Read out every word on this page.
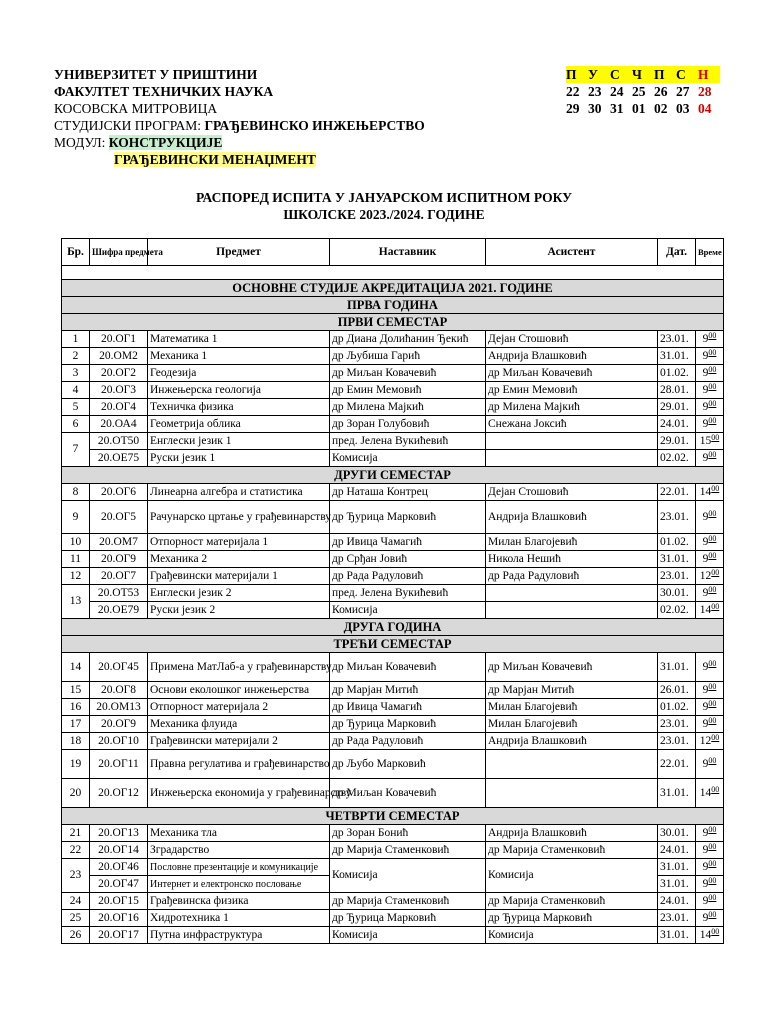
УНИВЕРЗИТЕТ У ПРИШТИНИ
ФАКУЛТЕТ ТЕХНИЧКИХ НАУКА
КОСОВСКА МИТРОВИЦА
СТУДИЈСКИ ПРОГРАМ: ГРАЂЕВИНСКО ИНЖЕЊЕРСТВО
МОДУЛ: КОНСТРУКЦИЈЕ
ГРАЂЕВИНСКИ МЕНАЏМЕНТ
П	У	С	Ч	П	С	Н
22	23	24	25	26	27	28
29	30	31	01	02	03	04
РАСПОРЕД ИСПИТА У ЈАНУАРСКОМ ИСПИТНОМ РОКУ
ШКОЛСКЕ 2023./2024. ГОДИНЕ
Бр.	Шифра предмета	Предмет	Наставник	Асистент	Дат.	Време

ОСНОВНЕ СТУДИЈЕ АКРЕДИТАЦИЈА 2021. ГОДИНЕ						
ПРВА ГОДИНА						
ПРВИ СЕМЕСТАР						
1	20.ОГ1	Математика 1	др Диана Долићанин Ђекић	Дејан Стошовић	23.01.	$9^{00}$
2	20.ОМ2	Механика 1	др Љубиша Гарић	Андрија Влашковић	31.01.	$9^{00}$
3	20.ОГ2	Геодезија	др Миљан Ковачевић	др Миљан Ковачевић	01.02.	$9^{00}$
4	20.ОГ3	Инжењерска геологија	др Емин Мемовић	др Емин Мемовић	28.01.	$9^{00}$
5	20.ОГ4	Техничка физика	др Милена Мајкић	др Милена Мајкић	29.01.	$9^{00}$
6	20.ОА4	Геометрија облика	др Зоран Голубовић	Снежана Јоксић	24.01.	$9^{00}$
7	20.ОТ50	Енглески језик 1	пред. Јелена Вукићевић		29.01.	$15^{00}$
	20.ОЕ75	Руски језик 1	Комисија		02.02.	$9^{00}$
ДРУГИ СЕМЕСТАР						
8	20.ОГ6	Линеарна алгебра и статистика	др Наташа Контрец	Дејан Стошовић	22.01.	$14^{00}$
9	20.ОГ5	Рачунарско цртање у грађевинарству	др Ђурица Марковић	Андрија Влашковић	23.01.	$9^{00}$
10	20.ОМ7	Отпорност материјала 1	др Ивица Чамагић	Милан Благојевић	01.02.	$9^{00}$
11	20.ОГ9	Механика 2	др Срђан Јовић	Никола Нешић	31.01.	$9^{00}$
12	20.ОГ7	Грађевински материјали 1	др Рада Радуловић	др Рада Радуловић	23.01.	$12^{00}$
13	20.ОТ53	Енглески језик 2	пред. Јелена Вукићевић		30.01.	$9^{00}$
	20.ОЕ79	Руски језик 2	Комисија		02.02.	$14^{00}$
ДРУГА ГОДИНА						
ТРЕЋИ СЕМЕСТАР						
14	20.ОГ45	Примена МатЛаб-а у грађевинарству	др Миљан Ковачевић	др Миљан Ковачевић	31.01.	$9^{00}$
15	20.ОГ8	Основи еколошког инжењерства	др Марјан Митић	др Марјан Митић	26.01.	$9^{00}$
16	20.ОМ13	Отпорност материјала 2	др Ивица Чамагић	Милан Благојевић	01.02.	$9^{00}$
17	20.ОГ9	Механика флуида	др Ђурица Марковић	Милан Благојевић	23.01.	$9^{00}$
18	20.ОГ10	Грађевински материјали 2	др Рада Радуловић	Андрија Влашковић	23.01.	$12^{00}$
19	20.ОГ11	Правна регулатива и грађевинарство	др Љубо Марковић		22.01.	$9^{00}$
20	20.ОГ12	Инжењерска економија у грађевинарству	др Миљан Ковачевић		31.01.	$14^{00}$
ЧЕТВРТИ СЕМЕСТАР						
21	20.ОГ13	Механика тла	др Зоран Бонић	Андрија Влашковић	30.01.	$9^{00}$
22	20.ОГ14	Зградарство	др Марија Стаменковић	др Марија Стаменковић	24.01.	$9^{00}$
23	20.ОГ46	Пословне презентације и комуникације	Комисија	Комисија	31.01.	$9^{00}$
	20.ОГ47	Интернет и електронско пословање			31.01.	$9^{00}$
24	20.ОГ15	Грађевинска физика	др Марија Стаменковић	др Марија Стаменковић	24.01.	$9^{00}$
25	20.ОГ16	Хидротехника 1	др Ђурица Марковић	др Ђурица Марковић	23.01.	$9^{00}$
26	20.ОГ17	Путна инфраструктура	Комисија	Комисија	31.01.	$14^{00}$
